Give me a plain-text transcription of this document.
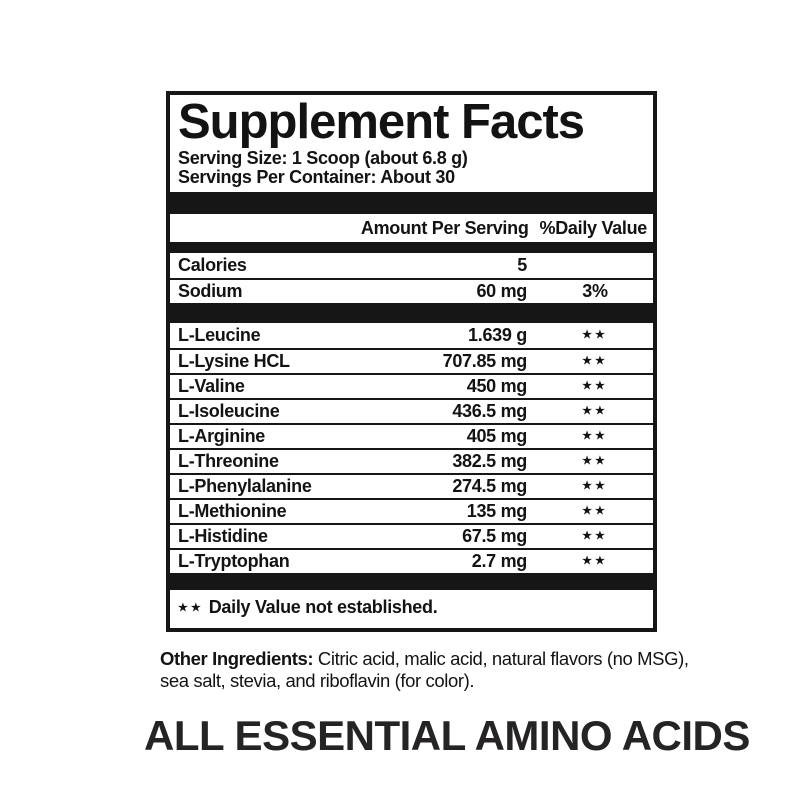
Supplement Facts
Serving Size: 1 Scoop (about 6.8 g)
Servings Per Container: About 30
Amount Per Serving %Daily Value
Calories	5
Sodium	60 mg	3%
L-Leucine	1.639 g	★★
L-Lysine HCL	707.85 mg	★★
L-Valine	450 mg	★★
L-Isoleucine	436.5 mg	★★
L-Arginine	405 mg	★★
L-Threonine	382.5 mg	★★
L-Phenylalanine	274.5 mg	★★
L-Methionine	135 mg	★★
L-Histidine	67.5 mg	★★
L-Tryptophan	2.7 mg	★★
★★ Daily Value not established.
Other Ingredients: Citric acid, malic acid, natural flavors (no MSG),
sea salt, stevia, and riboflavin (for color).
ALL ESSENTIAL AMINO ACIDS
